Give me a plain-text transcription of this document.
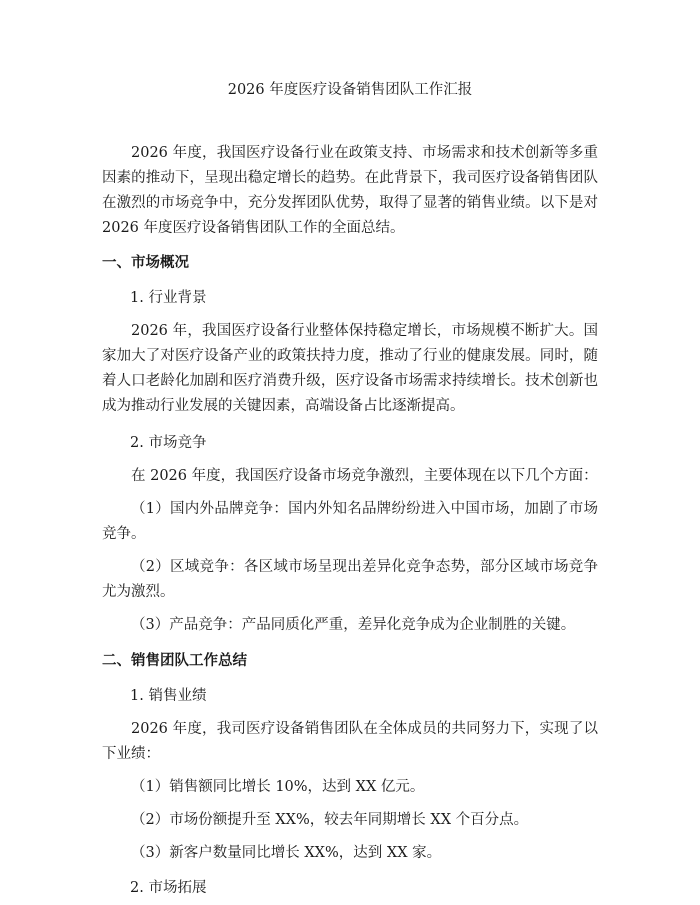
2026 年度医疗设备销售团队工作汇报

2026 年度，我国医疗设备行业在政策支持、市场需求和技术创新等多重因素的推动下，呈现出稳定增长的趋势。在此背景下，我司医疗设备销售团队在激烈的市场竞争中，充分发挥团队优势，取得了显著的销售业绩。以下是对 2026 年度医疗设备销售团队工作的全面总结。

一、市场概况
1. 行业背景

2026 年，我国医疗设备行业整体保持稳定增长，市场规模不断扩大。国家加大了对医疗设备产业的政策扶持力度，推动了行业的健康发展。同时，随着人口老龄化加剧和医疗消费升级，医疗设备市场需求持续增长。技术创新也成为推动行业发展的关键因素，高端设备占比逐渐提高。

2. 市场竞争

在 2026 年度，我国医疗设备市场竞争激烈，主要体现在以下几个方面：

（1）国内外品牌竞争：国内外知名品牌纷纷进入中国市场，加剧了市场竞争。

（2）区域竞争：各区域市场呈现出差异化竞争态势，部分区域市场竞争尤为激烈。

（3）产品竞争：产品同质化严重，差异化竞争成为企业制胜的关键。

二、销售团队工作总结
1. 销售业绩

2026 年度，我司医疗设备销售团队在全体成员的共同努力下，实现了以下业绩：

（1）销售额同比增长 10%，达到 XX 亿元。

（2）市场份额提升至 XX%，较去年同期增长 XX 个百分点。

（3）新客户数量同比增长 XX%，达到 XX 家。

2. 市场拓展
